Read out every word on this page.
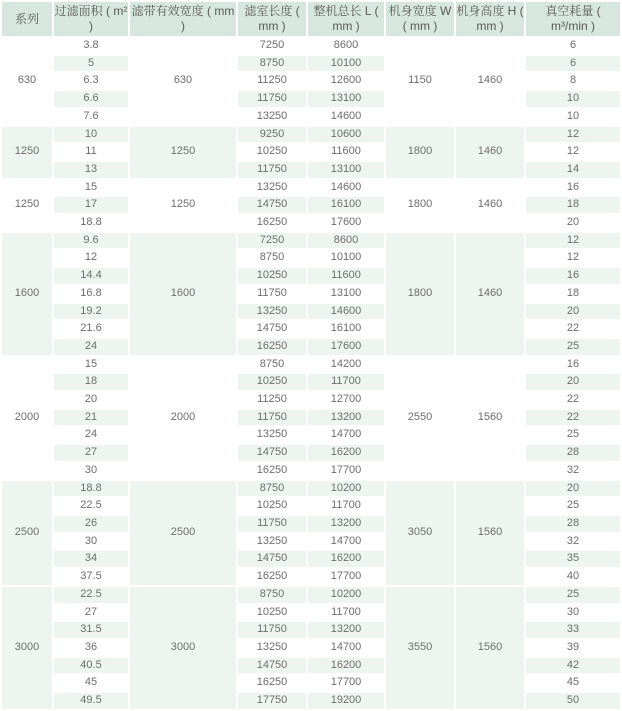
系列	过滤面积 ( m² )	滤带有效宽度 ( mm )	滤室长度 ( mm )	整机总长 L ( mm )	机身宽度 W ( mm )	机身高度 H ( mm )	真空耗量 ( m³/min )
630	3.8	630	7250	8600	1150	1460	6
	5		8750	10100			6
	6.3		11250	12600			8
	6.6		11750	13100			10
	7.6		13250	14600			10
1250	10	1250	9250	10600	1800	1460	12
	11		10250	11600			12
	13		11750	13100			14
1250	15	1250	13250	14600	1800	1460	16
	17		14750	16100			18
	18.8		16250	17600			20
1600	9.6	1600	7250	8600	1800	1460	12
	12		8750	10100			12
	14.4		10250	11600			16
	16.8		11750	13100			18
	19.2		13250	14600			20
	21.6		14750	16100			22
	24		16250	17600			25
2000	15	2000	8750	14200	2550	1560	16
	18		10250	11700			20
	20		11250	12700			22
	21		11750	13200			22
	24		13250	14700			25
	27		14750	16200			28
	30		16250	17700			32
2500	18.8	2500	8750	10200	3050	1560	20
	22.5		10250	11700			25
	26		11750	13200			28
	30		13250	14700			32
	34		14750	16200			35
	37.5		16250	17700			40
3000	22.5	3000	8750	10200	3550	1560	25
	27		10250	11700			30
	31.5		11750	13200			33
	36		13250	14700			39
	40.5		14750	16200			42
	45		16250	17700			45
	49.5		17750	19200			50
